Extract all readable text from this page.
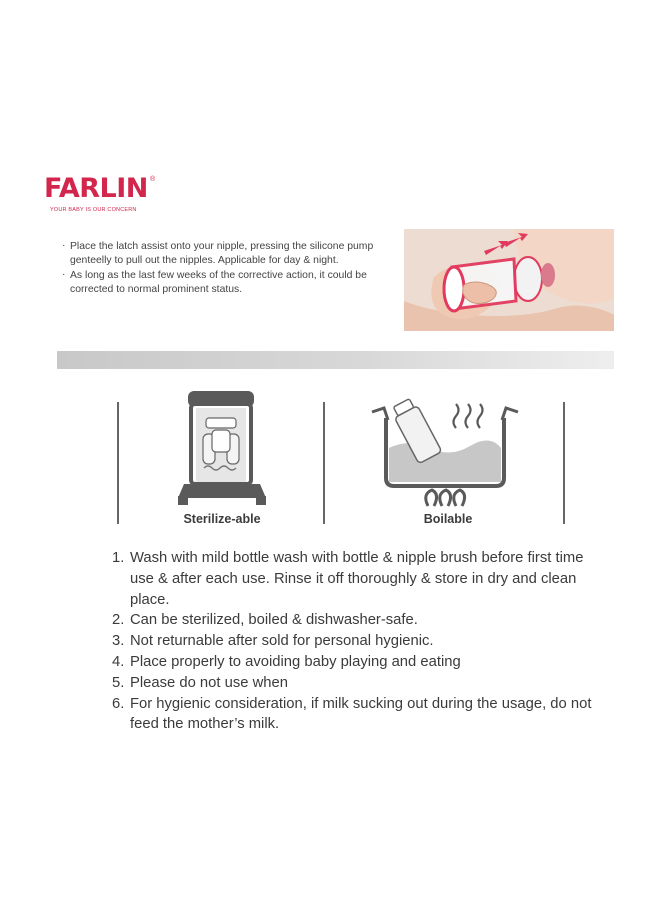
FARLIN ®
YOUR BABY IS OUR CONCERN
· Place the latch assist onto your nipple, pressing the silicone pump genteelly to pull out the nipples. Applicable for day & night.
· As long as the last few weeks of the corrective action, it could be corrected to normal prominent status.
Sterilize-able	Boilable
1. Wash with mild bottle wash with bottle & nipple brush before first time use & after each use. Rinse it off thoroughly & store in dry and clean place.
2. Can be sterilized, boiled & dishwasher-safe.
3. Not returnable after sold for personal hygienic.
4. Place properly to avoiding baby playing and eating
5. Please do not use when
6. For hygienic consideration, if milk sucking out during the usage, do not feed the mother’s milk.
